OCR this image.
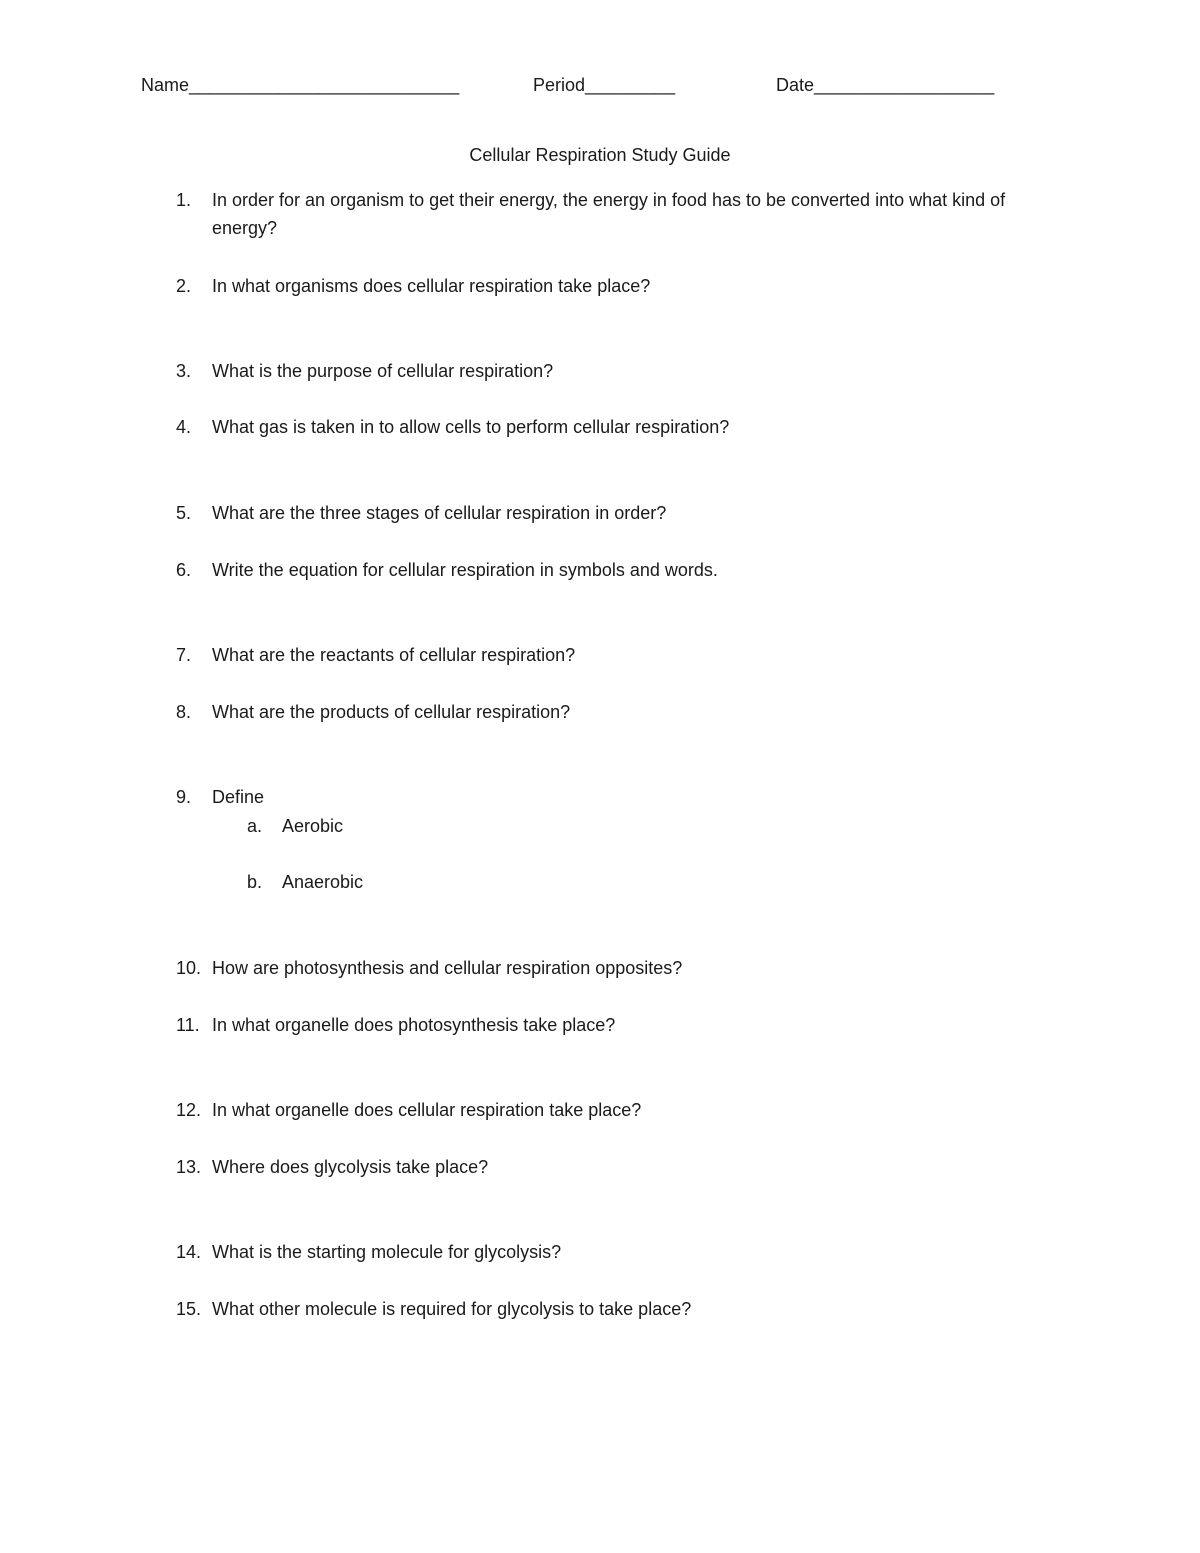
Name___________________________	Period_________	Date__________________
Cellular Respiration Study Guide
1. In order for an organism to get their energy, the energy in food has to be converted into what kind of energy?
2. In what organisms does cellular respiration take place?
3. What is the purpose of cellular respiration?
4. What gas is taken in to allow cells to perform cellular respiration?
5. What are the three stages of cellular respiration in order?
6. Write the equation for cellular respiration in symbols and words.
7. What are the reactants of cellular respiration?
8. What are the products of cellular respiration?
9. Define
a. Aerobic
b. Anaerobic
10. How are photosynthesis and cellular respiration opposites?
11. In what organelle does photosynthesis take place?
12. In what organelle does cellular respiration take place?
13. Where does glycolysis take place?
14. What is the starting molecule for glycolysis?
15. What other molecule is required for glycolysis to take place?
